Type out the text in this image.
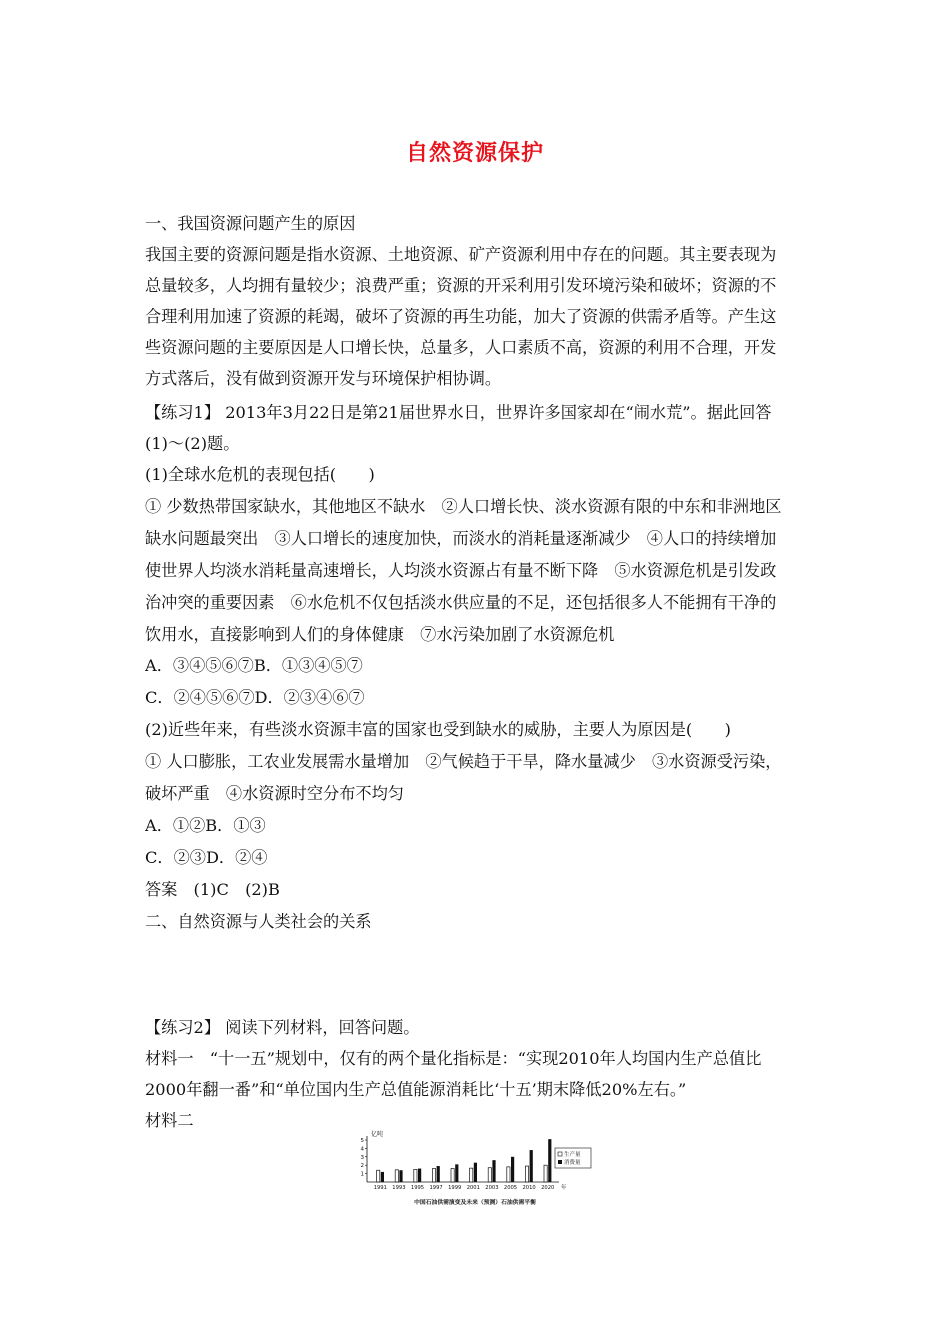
自然资源保护
一、我国资源问题产生的原因
我国主要的资源问题是指水资源、土地资源、矿产资源利用中存在的问题。其主要表现为
总量较多，人均拥有量较少；浪费严重；资源的开采利用引发环境污染和破坏；资源的不
合理利用加速了资源的耗竭，破坏了资源的再生功能，加大了资源的供需矛盾等。产生这
些资源问题的主要原因是人口增长快，总量多，人口素质不高，资源的利用不合理，开发
方式落后，没有做到资源开发与环境保护相协调。
【练习1】 2013年3月22日是第21届世界水日，世界许多国家却在“闹水荒”。据此回答
(1)～(2)题。
(1)全球水危机的表现包括(　　)
① 少数热带国家缺水，其他地区不缺水　②人口增长快、淡水资源有限的中东和非洲地区
缺水问题最突出　③人口增长的速度加快，而淡水的消耗量逐渐减少　④人口的持续增加
使世界人均淡水消耗量高速增长，人均淡水资源占有量不断下降　⑤水资源危机是引发政
治冲突的重要因素　⑥水危机不仅包括淡水供应量的不足，还包括很多人不能拥有干净的
饮用水，直接影响到人们的身体健康　⑦水污染加剧了水资源危机
A．③④⑤⑥⑦B．①③④⑤⑦
C．②④⑤⑥⑦D．②③④⑥⑦
(2)近些年来，有些淡水资源丰富的国家也受到缺水的威胁，主要人为原因是(　　)
① 人口膨胀，工农业发展需水量增加　②气候趋于干旱，降水量减少　③水资源受污染，
破坏严重　④水资源时空分布不均匀
A．①②B．①③
C．②③D．②④
答案　(1)C　(2)B
二、自然资源与人类社会的关系
【练习2】 阅读下列材料，回答问题。
材料一　“十一五”规划中，仅有的两个量化指标是：“实现2010年人均国内生产总值比
2000年翻一番”和“单位国内生产总值能源消耗比‘十五’期末降低20%左右。”
材料二
亿吨
1
2
3
4
5
1991 1993 1995 1997 1999 2001 2003 2005 2010 2020 年
生产量
消费量
中国石油供需演变及未来（预测）石油供需平衡
